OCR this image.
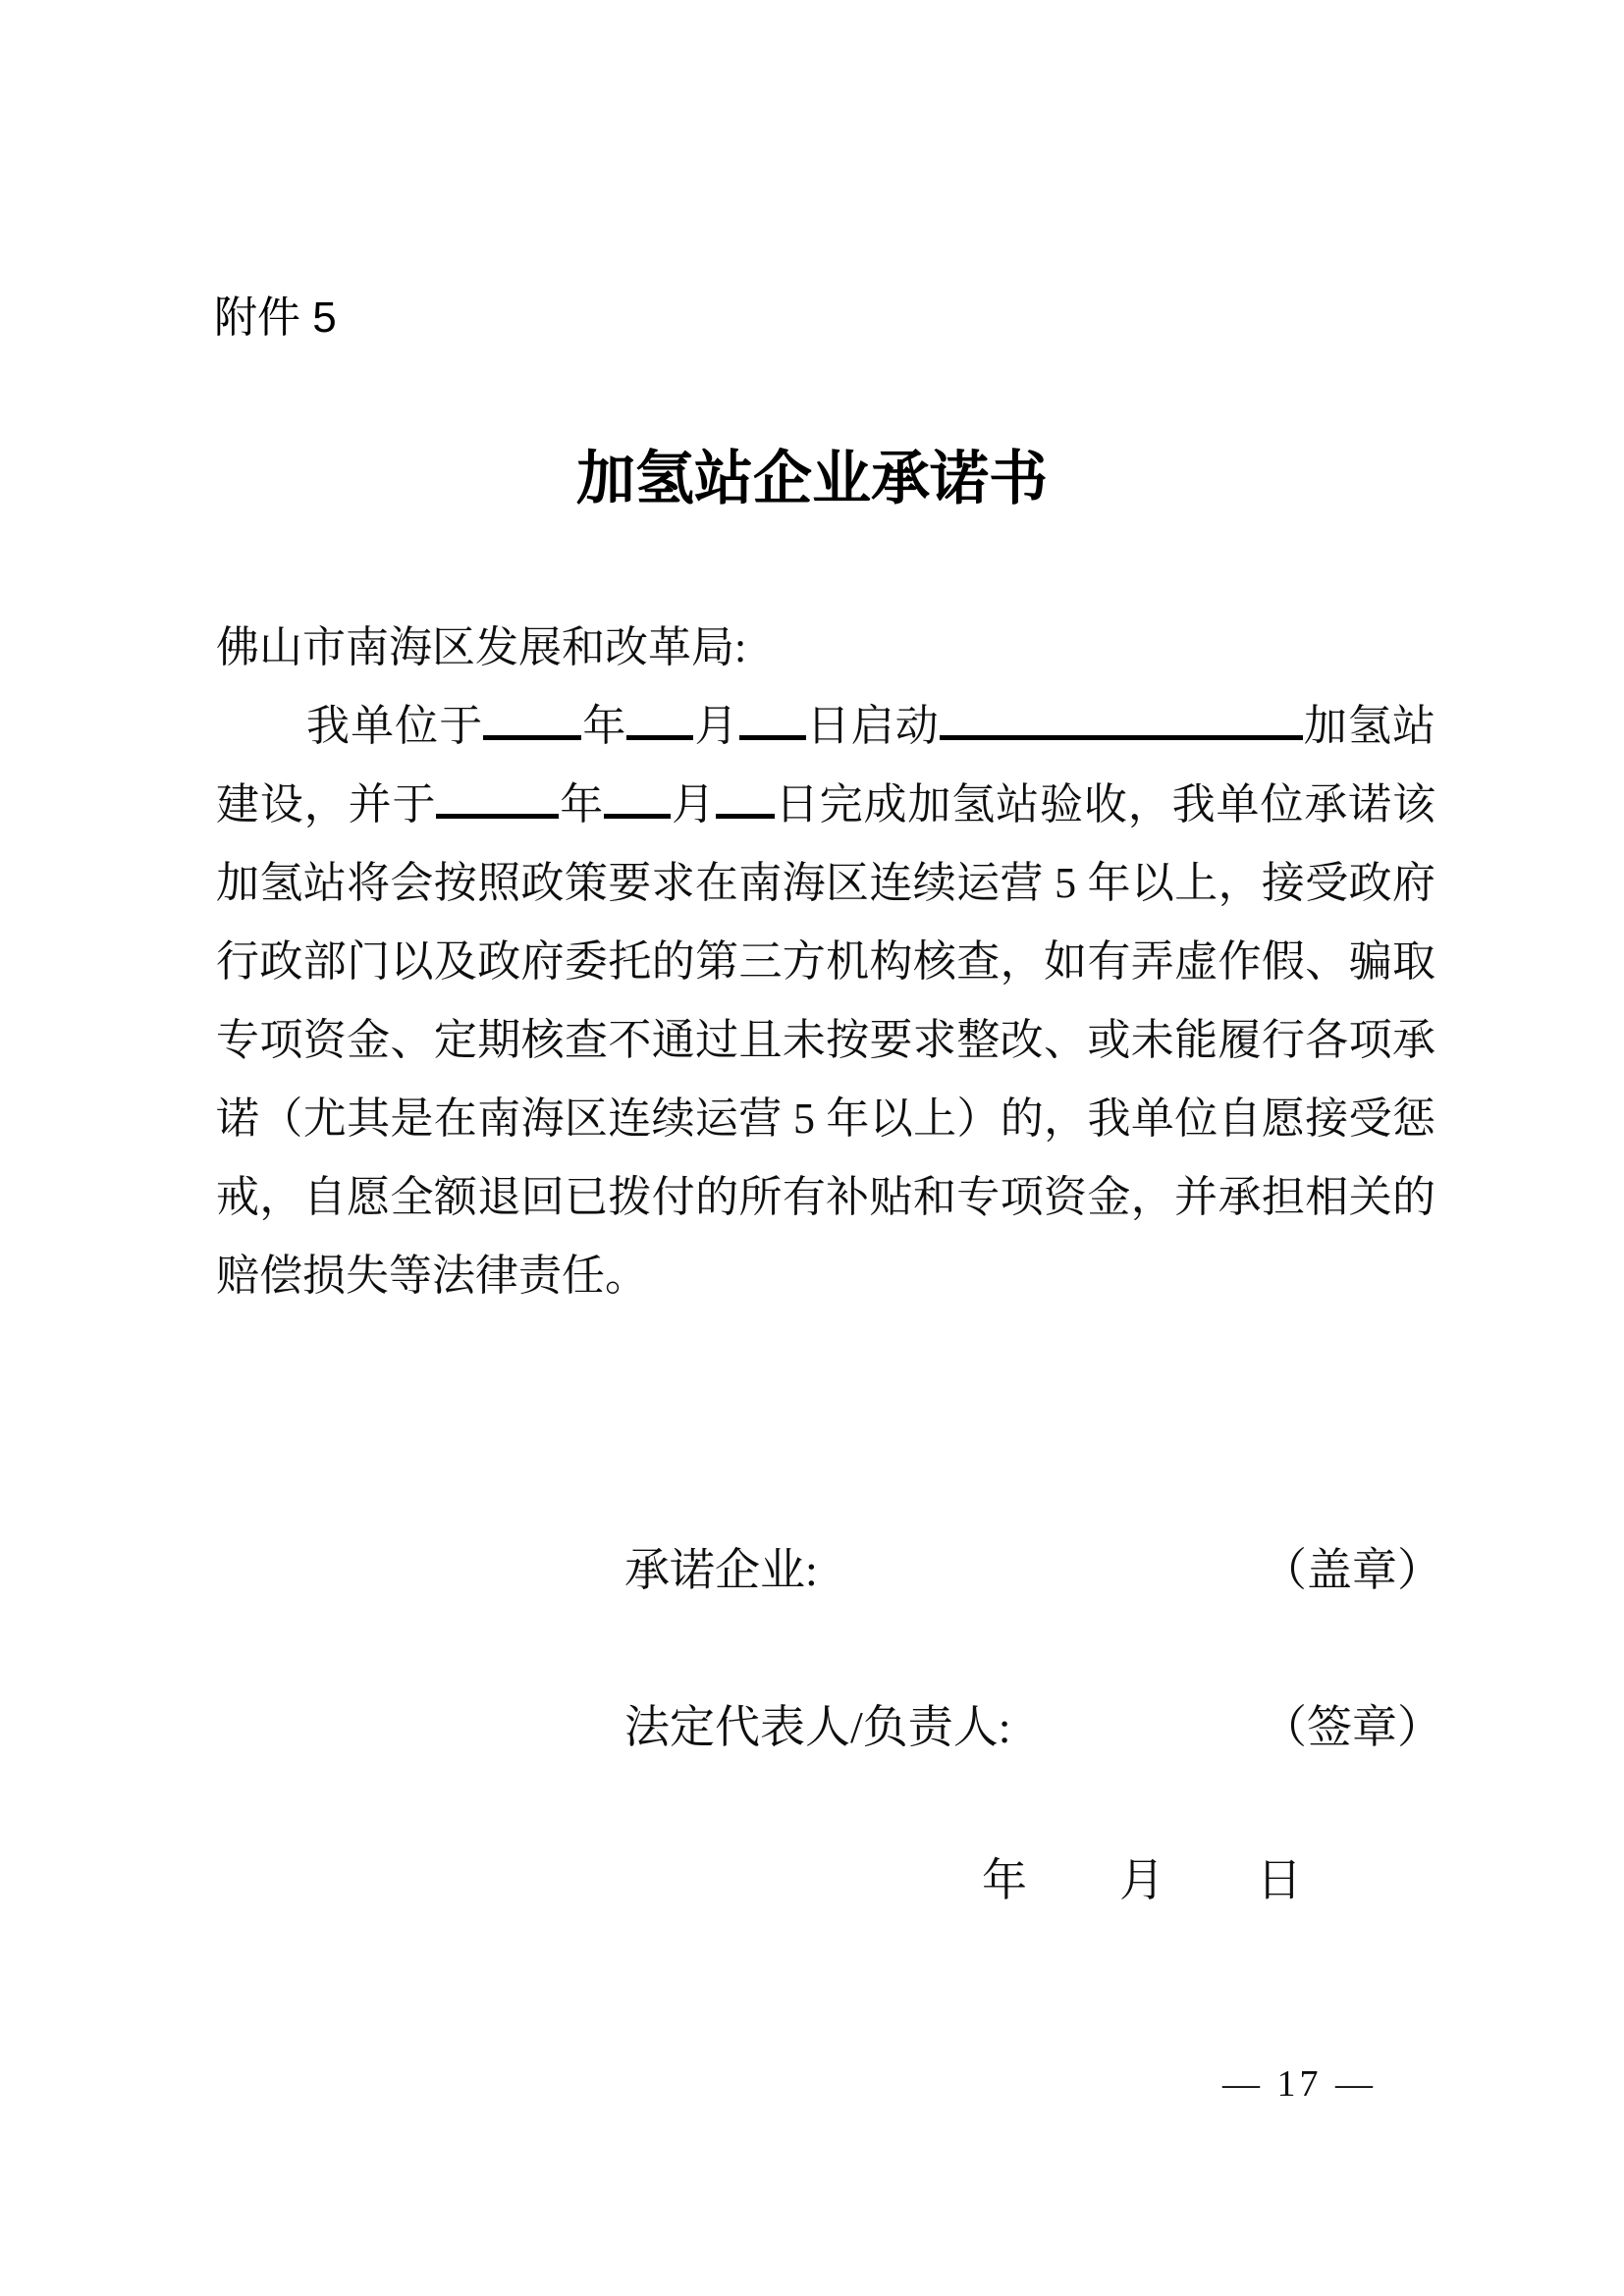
附件 5
加氢站企业承诺书
佛山市南海区发展和改革局:
我单位于 年 月 日启动	加氢站
建设，并于	年 月 日完成加氢站验收，我单位承诺该
加氢站将会按照政策要求在南海区连续运营 5 年以上，接受政府
行政部门以及政府委托的第三方机构核查，如有弄虚作假、骗取
专项资金、定期核查不通过且未按要求整改、或未能履行各项承
诺（尤其是在南海区连续运营 5 年以上）的，我单位自愿接受惩
戒，自愿全额退回已拨付的所有补贴和专项资金，并承担相关的
赔偿损失等法律责任。
承诺企业:	（盖章）
法定代表人/负责人:	（签章）
年 月 日
— 17 —
